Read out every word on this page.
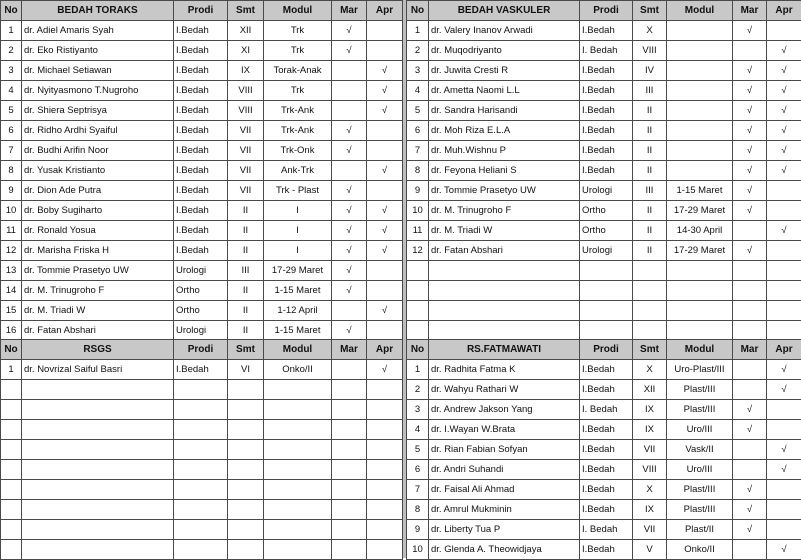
No	BEDAH TORAKS	Prodi	Smt	Modul	Mar	Apr
1	dr. Adiel Amaris Syah	I.Bedah	XII	Trk	√	
2	dr. Eko Ristiyanto	I.Bedah	XI	Trk	√	
3	dr. Michael Setiawan	I.Bedah	IX	Torak-Anak		√
4	dr. Nyityasmono T.Nugroho	I.Bedah	VIII	Trk		√
5	dr. Shiera Septrisya	I.Bedah	VIII	Trk-Ank		√
6	dr. Ridho Ardhi Syaiful	I.Bedah	VII	Trk-Ank	√	
7	dr. Budhi Arifin Noor	I.Bedah	VII	Trk-Onk	√	
8	dr. Yusak Kristianto	I.Bedah	VII	Ank-Trk		√
9	dr. Dion Ade Putra	I.Bedah	VII	Trk - Plast	√	
10	dr. Boby Sugiharto	I.Bedah	II	I	√	√
11	dr. Ronald Yosua	I.Bedah	II	I	√	√
12	dr. Marisha Friska H	I.Bedah	II	I	√	√
13	dr. Tommie Prasetyo UW	Urologi	III	17-29 Maret	√	
14	dr. M. Trinugroho F	Ortho	II	1-15 Maret	√	
15	dr. M. Triadi W	Ortho	II	1-12 April		√
16	dr. Fatan Abshari	Urologi	II	1-15 Maret	√	
No	BEDAH VASKULER	Prodi	Smt	Modul	Mar	Apr
1	dr. Valery Inanov Arwadi	I.Bedah	X		√	
2	dr. Muqodriyanto	I. Bedah	VIII			√
3	dr. Juwita Cresti R	I.Bedah	IV		√	√
4	dr. Ametta Naomi L.L	I.Bedah	III		√	√
5	dr. Sandra Harisandi	I.Bedah	II		√	√
6	dr. Moh Riza E.L.A	I.Bedah	II		√	√
7	dr. Muh.Wishnu P	I.Bedah	II		√	√
8	dr. Feyona Heliani S	I.Bedah	II		√	√
9	dr. Tommie Prasetyo UW	Urologi	III	1-15 Maret	√	
10	dr. M. Trinugroho F	Ortho	II	17-29 Maret	√	
11	dr. M. Triadi W	Ortho	II	14-30 April		√
12	dr. Fatan Abshari	Urologi	II	17-29 Maret	√	

No	RSGS	Prodi	Smt	Modul	Mar	Apr
1	dr. Novrizal Saiful Basri	I.Bedah	VI	Onko/II		√

No	RS.FATMAWATI	Prodi	Smt	Modul	Mar	Apr
1	dr. Radhita Fatma K	I.Bedah	X	Uro-Plast/III		√
2	dr. Wahyu Rathari W	I.Bedah	XII	Plast/III		√
3	dr. Andrew Jakson Yang	I. Bedah	IX	Plast/III	√	
4	dr. I.Wayan W.Brata	I.Bedah	IX	Uro/III	√	
5	dr. Rian Fabian Sofyan	I.Bedah	VII	Vask/II		√
6	dr. Andri Suhandi	I.Bedah	VIII	Uro/III		√
7	dr. Faisal Ali Ahmad	I.Bedah	X	Plast/III	√	
8	dr. Amrul Mukminin	I.Bedah	IX	Plast/III	√	
9	dr. Liberty Tua P	I. Bedah	VII	Plast/II	√	
10	dr. Glenda A. Theowidjaya	I.Bedah	V	Onko/II		√
